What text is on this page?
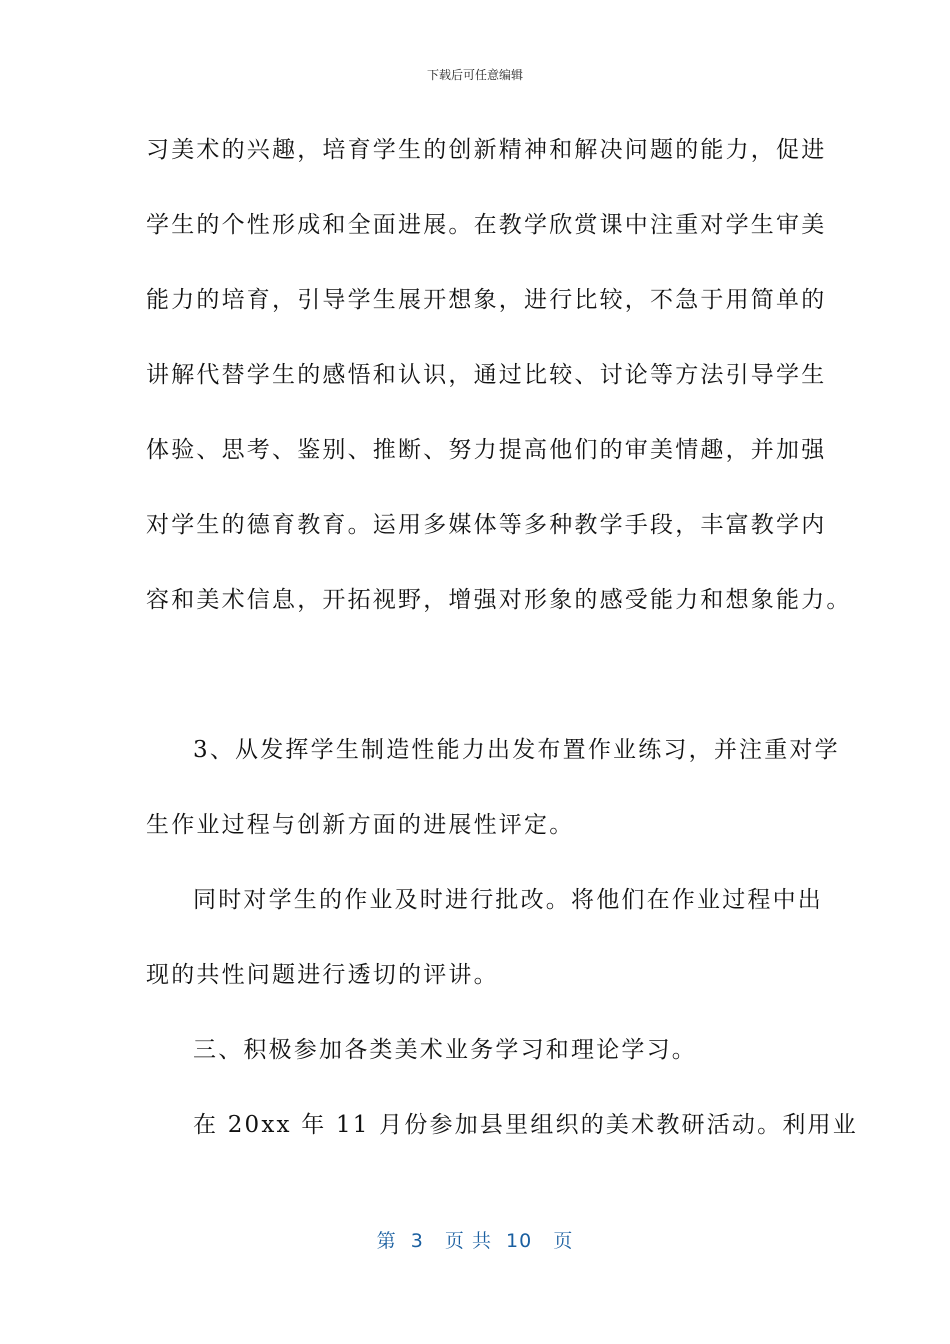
下载后可任意编辑
习美术的兴趣，培育学生的创新精神和解决问题的能力，促进
学生的个性形成和全面进展。在教学欣赏课中注重对学生审美
能力的培育，引导学生展开想象，进行比较，不急于用简单的
讲解代替学生的感悟和认识，通过比较、讨论等方法引导学生
体验、思考、鉴别、推断、努力提高他们的审美情趣，并加强
对学生的德育教育。运用多媒体等多种教学手段，丰富教学内
容和美术信息，开拓视野，增强对形象的感受能力和想象能力。
3、从发挥学生制造性能力出发布置作业练习，并注重对学
生作业过程与创新方面的进展性评定。
同时对学生的作业及时进行批改。将他们在作业过程中出
现的共性问题进行透切的评讲。
三、积极参加各类美术业务学习和理论学习。
在 20xx 年 11 月份参加县里组织的美术教研活动。利用业
第  3   页 共  10   页
